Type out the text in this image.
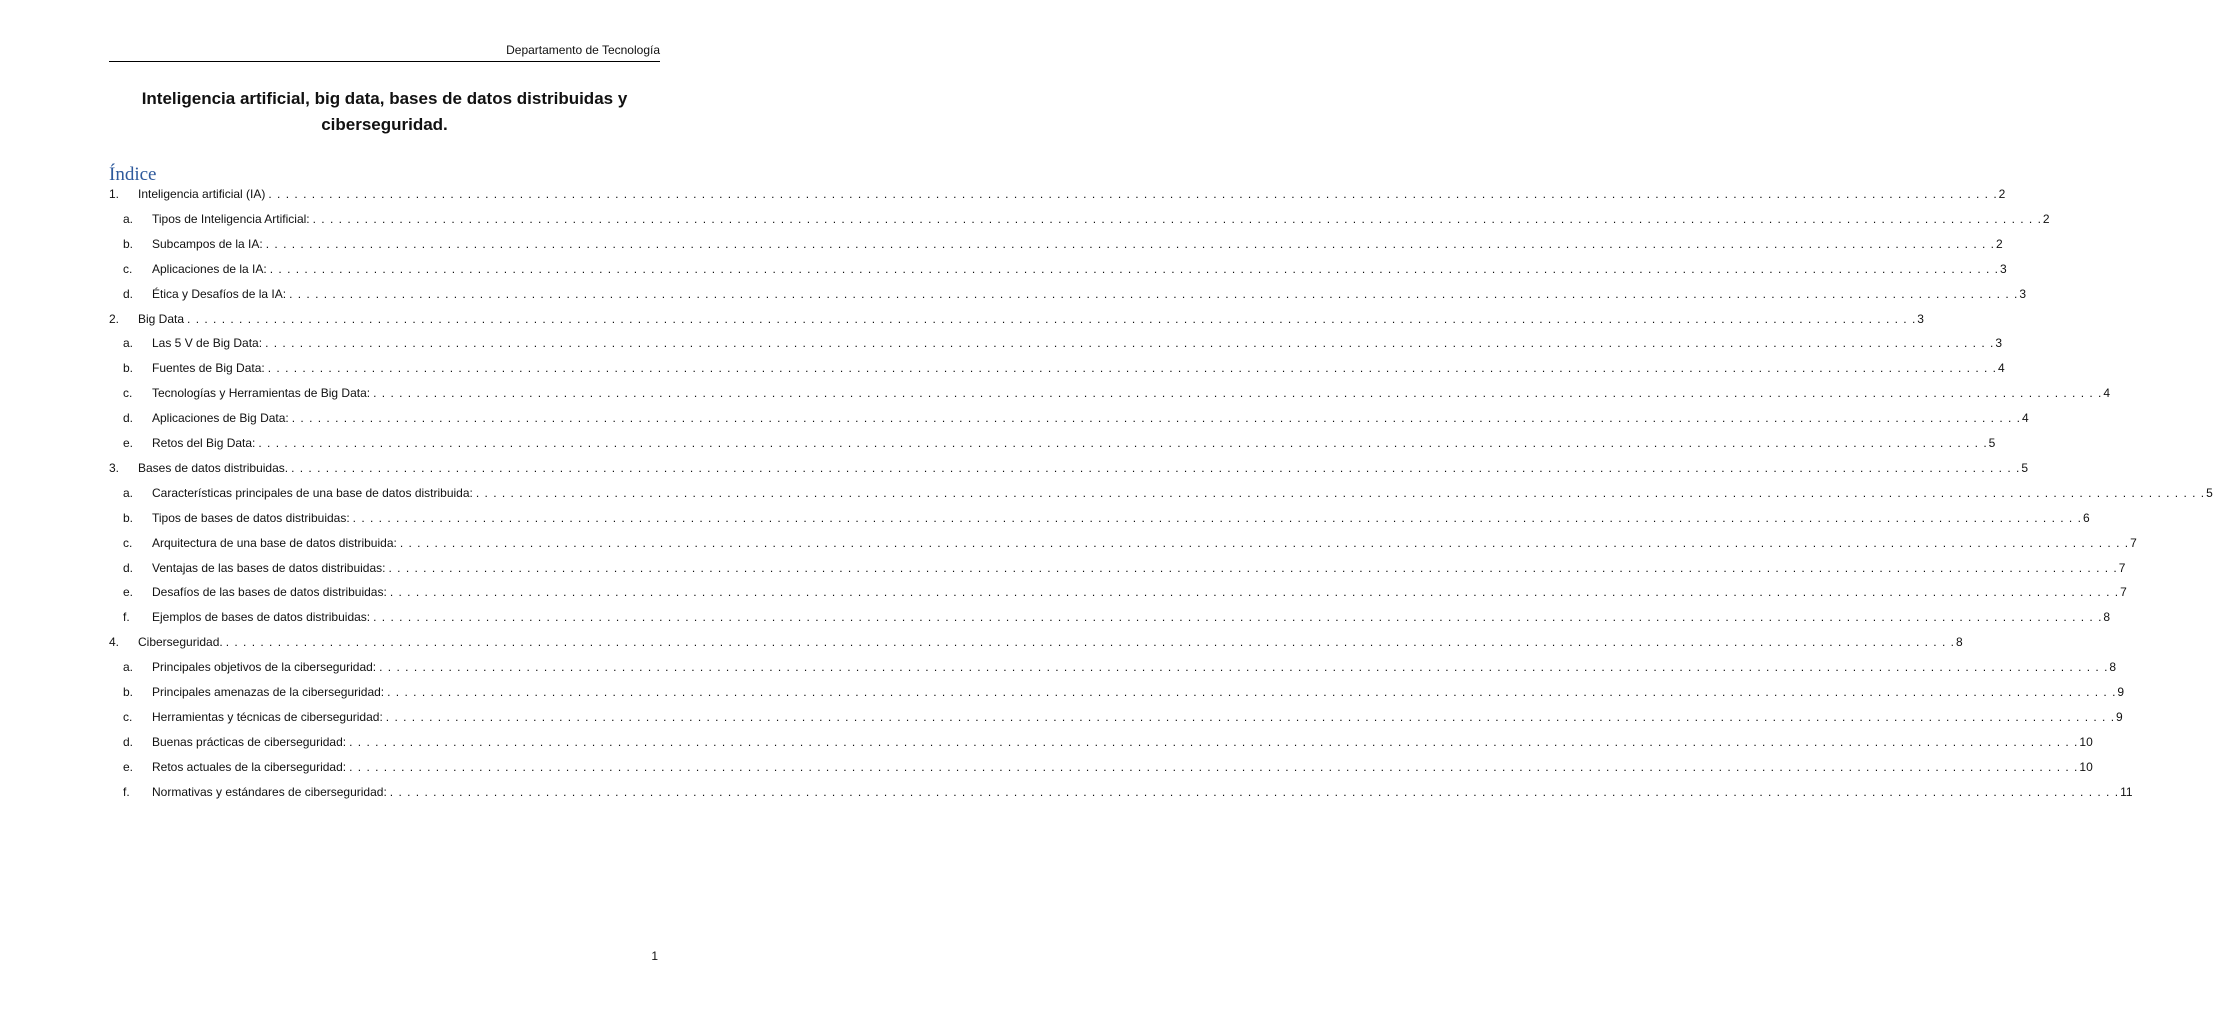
Departamento de Tecnología
Inteligencia artificial, big data, bases de datos distribuidas y
ciberseguridad.
Índice
1.	Inteligencia artificial (IA) . . . . . . . . . . . . . . . . . . . . . . . . . . . . . . . . . . . . . . . . . . . . . . . . . . . . . . . . . . . . . . . . . . . . . . . . . . . . . . . . . . . . . . . . . . . . . . . . . . . . . . . . . . . . . . . . . . . . . . . . . . . . . . . . . . . . . . . . . . . . . . . . . . . . . . . . . . . . . . . . . . . . . . . . . . . . . . . . . . . . . . . . . . . . . . . . . . . . . . . . 2
a.	Tipos de Inteligencia Artificial: . . . . . . . . . . . . . . . . . . . . . . . . . . . . . . . . . . . . . . . . . . . . . . . . . . . . . . . . . . . . . . . . . . . . . . . . . . . . . . . . . . . . . . . . . . . . . . . . . . . . . . . . . . . . . . . . . . . . . . . . . . . . . . . . . . . . . . . . . . . . . . . . . . . . . . . . . . . . . . . . . . . . . . . . . . . . . . . . . . . . . . . . . . . . . . . . . . . . . . . . 2
b.	Subcampos de la IA: . . . . . . . . . . . . . . . . . . . . . . . . . . . . . . . . . . . . . . . . . . . . . . . . . . . . . . . . . . . . . . . . . . . . . . . . . . . . . . . . . . . . . . . . . . . . . . . . . . . . . . . . . . . . . . . . . . . . . . . . . . . . . . . . . . . . . . . . . . . . . . . . . . . . . . . . . . . . . . . . . . . . . . . . . . . . . . . . . . . . . . . . . . . . . . . . . . . . . . . . 2
c.	Aplicaciones de la IA: . . . . . . . . . . . . . . . . . . . . . . . . . . . . . . . . . . . . . . . . . . . . . . . . . . . . . . . . . . . . . . . . . . . . . . . . . . . . . . . . . . . . . . . . . . . . . . . . . . . . . . . . . . . . . . . . . . . . . . . . . . . . . . . . . . . . . . . . . . . . . . . . . . . . . . . . . . . . . . . . . . . . . . . . . . . . . . . . . . . . . . . . . . . . . . . . . . . . . . . . 3
d.	Ética y Desafíos de la IA: . . . . . . . . . . . . . . . . . . . . . . . . . . . . . . . . . . . . . . . . . . . . . . . . . . . . . . . . . . . . . . . . . . . . . . . . . . . . . . . . . . . . . . . . . . . . . . . . . . . . . . . . . . . . . . . . . . . . . . . . . . . . . . . . . . . . . . . . . . . . . . . . . . . . . . . . . . . . . . . . . . . . . . . . . . . . . . . . . . . . . . . . . . . . . . . . . . . . . . . . 3
2.	Big Data . . . . . . . . . . . . . . . . . . . . . . . . . . . . . . . . . . . . . . . . . . . . . . . . . . . . . . . . . . . . . . . . . . . . . . . . . . . . . . . . . . . . . . . . . . . . . . . . . . . . . . . . . . . . . . . . . . . . . . . . . . . . . . . . . . . . . . . . . . . . . . . . . . . . . . . . . . . . . . . . . . . . . . . . . . . . . . . . . . . . . . . . . . . . . . . . . . . . . . . . 3
a.	Las 5 V de Big Data: . . . . . . . . . . . . . . . . . . . . . . . . . . . . . . . . . . . . . . . . . . . . . . . . . . . . . . . . . . . . . . . . . . . . . . . . . . . . . . . . . . . . . . . . . . . . . . . . . . . . . . . . . . . . . . . . . . . . . . . . . . . . . . . . . . . . . . . . . . . . . . . . . . . . . . . . . . . . . . . . . . . . . . . . . . . . . . . . . . . . . . . . . . . . . . . . . . . . . . . . 3
b.	Fuentes de Big Data: . . . . . . . . . . . . . . . . . . . . . . . . . . . . . . . . . . . . . . . . . . . . . . . . . . . . . . . . . . . . . . . . . . . . . . . . . . . . . . . . . . . . . . . . . . . . . . . . . . . . . . . . . . . . . . . . . . . . . . . . . . . . . . . . . . . . . . . . . . . . . . . . . . . . . . . . . . . . . . . . . . . . . . . . . . . . . . . . . . . . . . . . . . . . . . . . . . . . . . . . 4
c.	Tecnologías y Herramientas de Big Data: . . . . . . . . . . . . . . . . . . . . . . . . . . . . . . . . . . . . . . . . . . . . . . . . . . . . . . . . . . . . . . . . . . . . . . . . . . . . . . . . . . . . . . . . . . . . . . . . . . . . . . . . . . . . . . . . . . . . . . . . . . . . . . . . . . . . . . . . . . . . . . . . . . . . . . . . . . . . . . . . . . . . . . . . . . . . . . . . . . . . . . . . . . . . . . . . . . . . . . . . 4
d.	Aplicaciones de Big Data: . . . . . . . . . . . . . . . . . . . . . . . . . . . . . . . . . . . . . . . . . . . . . . . . . . . . . . . . . . . . . . . . . . . . . . . . . . . . . . . . . . . . . . . . . . . . . . . . . . . . . . . . . . . . . . . . . . . . . . . . . . . . . . . . . . . . . . . . . . . . . . . . . . . . . . . . . . . . . . . . . . . . . . . . . . . . . . . . . . . . . . . . . . . . . . . . . . . . . . . . 4
e.	Retos del Big Data: . . . . . . . . . . . . . . . . . . . . . . . . . . . . . . . . . . . . . . . . . . . . . . . . . . . . . . . . . . . . . . . . . . . . . . . . . . . . . . . . . . . . . . . . . . . . . . . . . . . . . . . . . . . . . . . . . . . . . . . . . . . . . . . . . . . . . . . . . . . . . . . . . . . . . . . . . . . . . . . . . . . . . . . . . . . . . . . . . . . . . . . . . . . . . . . . . . . . . . . . 5
3.	Bases de datos distribuidas. . . . . . . . . . . . . . . . . . . . . . . . . . . . . . . . . . . . . . . . . . . . . . . . . . . . . . . . . . . . . . . . . . . . . . . . . . . . . . . . . . . . . . . . . . . . . . . . . . . . . . . . . . . . . . . . . . . . . . . . . . . . . . . . . . . . . . . . . . . . . . . . . . . . . . . . . . . . . . . . . . . . . . . . . . . . . . . . . . . . . . . . . . . . . . . . . . . . . . . . . 5
a.	Características principales de una base de datos distribuida: . . . . . . . . . . . . . . . . . . . . . . . . . . . . . . . . . . . . . . . . . . . . . . . . . . . . . . . . . . . . . . . . . . . . . . . . . . . . . . . . . . . . . . . . . . . . . . . . . . . . . . . . . . . . . . . . . . . . . . . . . . . . . . . . . . . . . . . . . . . . . . . . . . . . . . . . . . . . . . . . . . . . . . . . . . . . . . . . . . . . . . . . . . . . . . . . . . . . . . . . 5
b.	Tipos de bases de datos distribuidas: . . . . . . . . . . . . . . . . . . . . . . . . . . . . . . . . . . . . . . . . . . . . . . . . . . . . . . . . . . . . . . . . . . . . . . . . . . . . . . . . . . . . . . . . . . . . . . . . . . . . . . . . . . . . . . . . . . . . . . . . . . . . . . . . . . . . . . . . . . . . . . . . . . . . . . . . . . . . . . . . . . . . . . . . . . . . . . . . . . . . . . . . . . . . . . . . . . . . . . . . 6
c.	Arquitectura de una base de datos distribuida: . . . . . . . . . . . . . . . . . . . . . . . . . . . . . . . . . . . . . . . . . . . . . . . . . . . . . . . . . . . . . . . . . . . . . . . . . . . . . . . . . . . . . . . . . . . . . . . . . . . . . . . . . . . . . . . . . . . . . . . . . . . . . . . . . . . . . . . . . . . . . . . . . . . . . . . . . . . . . . . . . . . . . . . . . . . . . . . . . . . . . . . . . . . . . . . . . . . . . . . . 7
d.	Ventajas de las bases de datos distribuidas: . . . . . . . . . . . . . . . . . . . . . . . . . . . . . . . . . . . . . . . . . . . . . . . . . . . . . . . . . . . . . . . . . . . . . . . . . . . . . . . . . . . . . . . . . . . . . . . . . . . . . . . . . . . . . . . . . . . . . . . . . . . . . . . . . . . . . . . . . . . . . . . . . . . . . . . . . . . . . . . . . . . . . . . . . . . . . . . . . . . . . . . . . . . . . . . . . . . . . . . . 7
e.	Desafíos de las bases de datos distribuidas: . . . . . . . . . . . . . . . . . . . . . . . . . . . . . . . . . . . . . . . . . . . . . . . . . . . . . . . . . . . . . . . . . . . . . . . . . . . . . . . . . . . . . . . . . . . . . . . . . . . . . . . . . . . . . . . . . . . . . . . . . . . . . . . . . . . . . . . . . . . . . . . . . . . . . . . . . . . . . . . . . . . . . . . . . . . . . . . . . . . . . . . . . . . . . . . . . . . . . . . . 7
f.	Ejemplos de bases de datos distribuidas: . . . . . . . . . . . . . . . . . . . . . . . . . . . . . . . . . . . . . . . . . . . . . . . . . . . . . . . . . . . . . . . . . . . . . . . . . . . . . . . . . . . . . . . . . . . . . . . . . . . . . . . . . . . . . . . . . . . . . . . . . . . . . . . . . . . . . . . . . . . . . . . . . . . . . . . . . . . . . . . . . . . . . . . . . . . . . . . . . . . . . . . . . . . . . . . . . . . . . . . . 8
4.	Ciberseguridad. . . . . . . . . . . . . . . . . . . . . . . . . . . . . . . . . . . . . . . . . . . . . . . . . . . . . . . . . . . . . . . . . . . . . . . . . . . . . . . . . . . . . . . . . . . . . . . . . . . . . . . . . . . . . . . . . . . . . . . . . . . . . . . . . . . . . . . . . . . . . . . . . . . . . . . . . . . . . . . . . . . . . . . . . . . . . . . . . . . . . . . . . . . . . . . . . . . . . . . . . 8
a.	Principales objetivos de la ciberseguridad: . . . . . . . . . . . . . . . . . . . . . . . . . . . . . . . . . . . . . . . . . . . . . . . . . . . . . . . . . . . . . . . . . . . . . . . . . . . . . . . . . . . . . . . . . . . . . . . . . . . . . . . . . . . . . . . . . . . . . . . . . . . . . . . . . . . . . . . . . . . . . . . . . . . . . . . . . . . . . . . . . . . . . . . . . . . . . . . . . . . . . . . . . . . . . . . . . . . . . . . . 8
b.	Principales amenazas de la ciberseguridad: . . . . . . . . . . . . . . . . . . . . . . . . . . . . . . . . . . . . . . . . . . . . . . . . . . . . . . . . . . . . . . . . . . . . . . . . . . . . . . . . . . . . . . . . . . . . . . . . . . . . . . . . . . . . . . . . . . . . . . . . . . . . . . . . . . . . . . . . . . . . . . . . . . . . . . . . . . . . . . . . . . . . . . . . . . . . . . . . . . . . . . . . . . . . . . . . . . . . . . . . 9
c.	Herramientas y técnicas de ciberseguridad: . . . . . . . . . . . . . . . . . . . . . . . . . . . . . . . . . . . . . . . . . . . . . . . . . . . . . . . . . . . . . . . . . . . . . . . . . . . . . . . . . . . . . . . . . . . . . . . . . . . . . . . . . . . . . . . . . . . . . . . . . . . . . . . . . . . . . . . . . . . . . . . . . . . . . . . . . . . . . . . . . . . . . . . . . . . . . . . . . . . . . . . . . . . . . . . . . . . . . . . . 9
d.	Buenas prácticas de ciberseguridad: . . . . . . . . . . . . . . . . . . . . . . . . . . . . . . . . . . . . . . . . . . . . . . . . . . . . . . . . . . . . . . . . . . . . . . . . . . . . . . . . . . . . . . . . . . . . . . . . . . . . . . . . . . . . . . . . . . . . . . . . . . . . . . . . . . . . . . . . . . . . . . . . . . . . . . . . . . . . . . . . . . . . . . . . . . . . . . . . . . . . . . . . . . . . . . . . . . . . . . . . 10
e.	Retos actuales de la ciberseguridad: . . . . . . . . . . . . . . . . . . . . . . . . . . . . . . . . . . . . . . . . . . . . . . . . . . . . . . . . . . . . . . . . . . . . . . . . . . . . . . . . . . . . . . . . . . . . . . . . . . . . . . . . . . . . . . . . . . . . . . . . . . . . . . . . . . . . . . . . . . . . . . . . . . . . . . . . . . . . . . . . . . . . . . . . . . . . . . . . . . . . . . . . . . . . . . . . . . . . . . . . 10
f.	Normativas y estándares de ciberseguridad: . . . . . . . . . . . . . . . . . . . . . . . . . . . . . . . . . . . . . . . . . . . . . . . . . . . . . . . . . . . . . . . . . . . . . . . . . . . . . . . . . . . . . . . . . . . . . . . . . . . . . . . . . . . . . . . . . . . . . . . . . . . . . . . . . . . . . . . . . . . . . . . . . . . . . . . . . . . . . . . . . . . . . . . . . . . . . . . . . . . . . . . . . . . . . . . . . . . . . . . . 11
1
